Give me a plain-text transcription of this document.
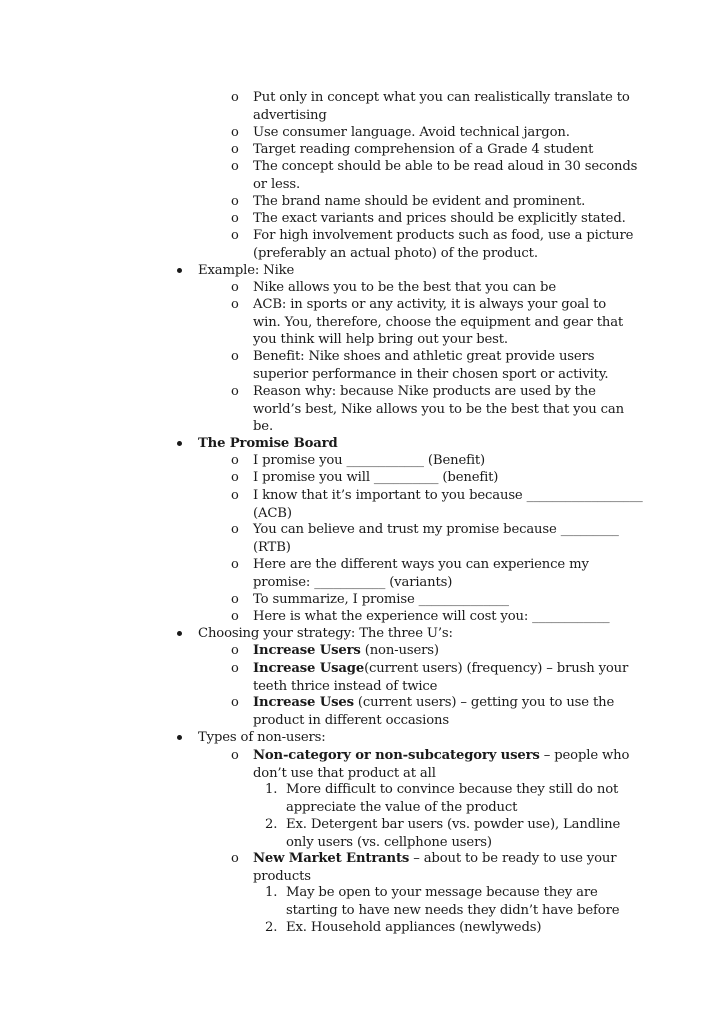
o Put only in concept what you can realistically translate to
advertising
o Use consumer language. Avoid technical jargon.
o Target reading comprehension of a Grade 4 student
o The concept should be able to be read aloud in 30 seconds
or less.
o The brand name should be evident and prominent.
o The exact variants and prices should be explicitly stated.
o For high involvement products such as food, use a picture
(preferably an actual photo) of the product.
Example: Nike
o Nike allows you to be the best that you can be
o ACB: in sports or any activity, it is always your goal to
win. You, therefore, choose the equipment and gear that
you think will help bring out your best.
o Benefit: Nike shoes and athletic great provide users
superior performance in their chosen sport or activity.
o Reason why: because Nike products are used by the
world’s best, Nike allows you to be the best that you can
be.
The Promise Board
o I promise you ____________ (Benefit)
o I promise you will __________ (benefit)
o I know that it’s important to you because __________________
(ACB)
o You can believe and trust my promise because _________
(RTB)
o Here are the different ways you can experience my
promise: ___________ (variants)
o To summarize, I promise ______________
o Here is what the experience will cost you: ____________
Choosing your strategy: The three U’s:
o Increase Users (non-users)
o Increase Usage(current users) (frequency) – brush your
teeth thrice instead of twice
o Increase Uses (current users) – getting you to use the
product in different occasions
Types of non-users:
o Non-category or non-subcategory users – people who
don’t use that product at all
1. More difficult to convince because they still do not
appreciate the value of the product
2. Ex. Detergent bar users (vs. powder use), Landline
only users (vs. cellphone users)
o New Market Entrants – about to be ready to use your
products
1. May be open to your message because they are
starting to have new needs they didn’t have before
2. Ex. Household appliances (newlyweds)
